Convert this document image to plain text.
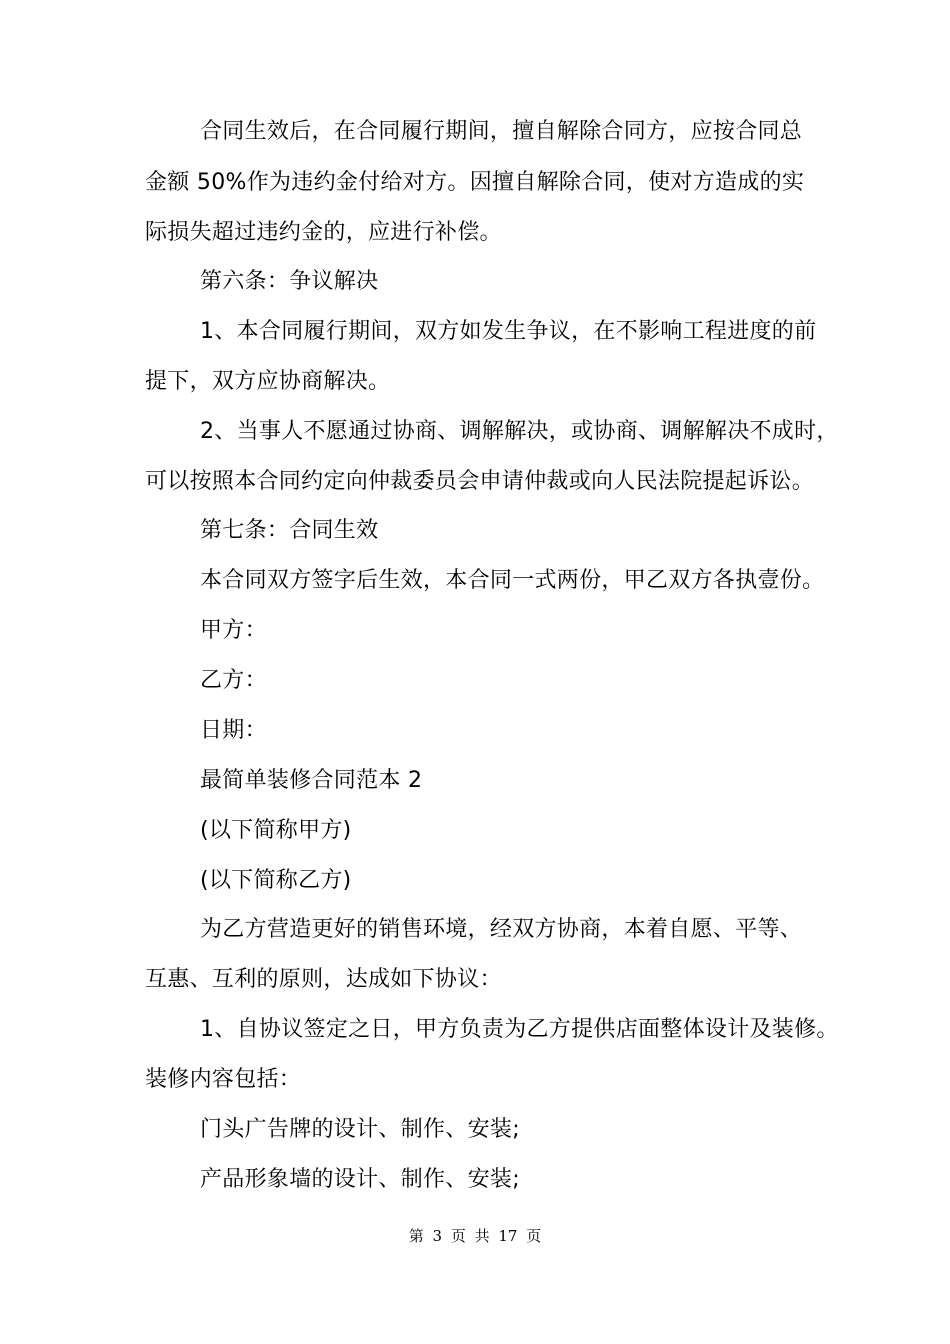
合同生效后，在合同履行期间，擅自解除合同方，应按合同总
金额 50%作为违约金付给对方。因擅自解除合同，使对方造成的实
际损失超过违约金的，应进行补偿。
第六条：争议解决
1、本合同履行期间，双方如发生争议，在不影响工程进度的前
提下，双方应协商解决。
2、当事人不愿通过协商、调解解决，或协商、调解解决不成时，
可以按照本合同约定向仲裁委员会申请仲裁或向人民法院提起诉讼。
第七条：合同生效
本合同双方签字后生效，本合同一式两份，甲乙双方各执壹份。
甲方：
乙方：
日期：
最简单装修合同范本 2
(以下简称甲方)
(以下简称乙方)
为乙方营造更好的销售环境，经双方协商，本着自愿、平等、
互惠、互利的原则，达成如下协议：
1、自协议签定之日，甲方负责为乙方提供店面整体设计及装修。
装修内容包括：
门头广告牌的设计、制作、安装;
产品形象墙的设计、制作、安装;
第 3 页 共 17 页
